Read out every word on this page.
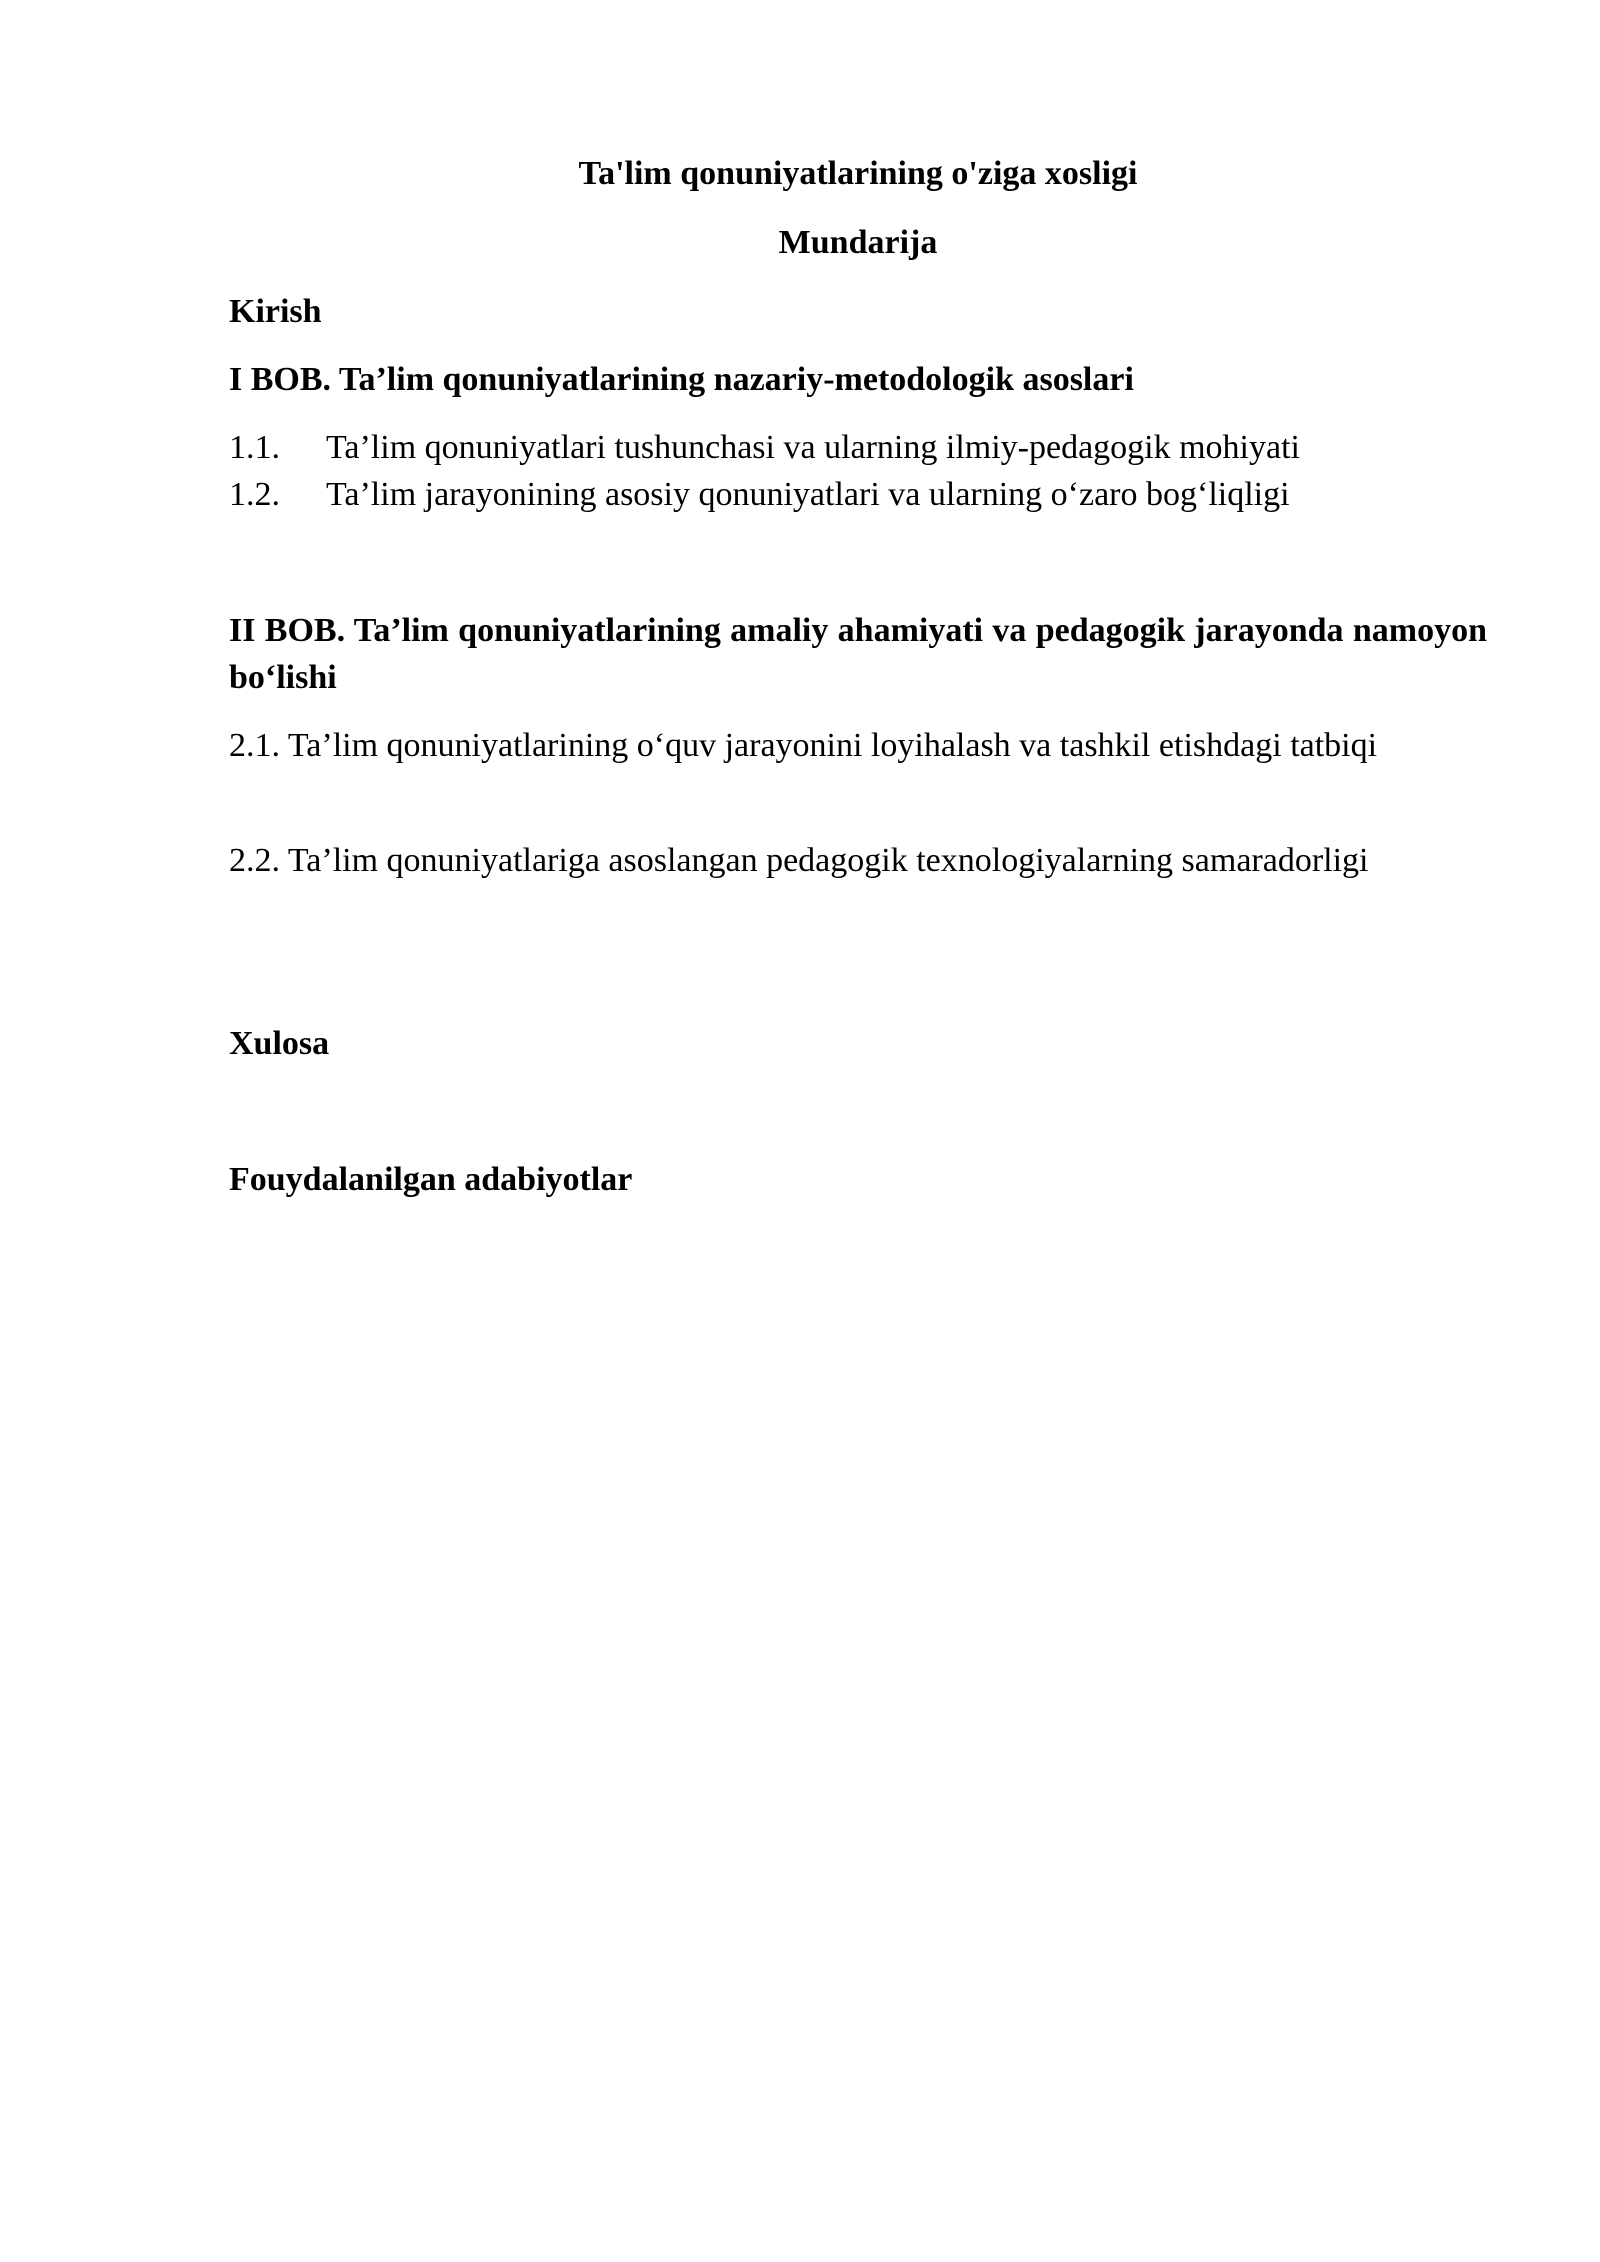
Ta'lim qonuniyatlarining o'ziga xosligi
Mundarija
Kirish
I BOB. Ta’lim qonuniyatlarining nazariy-metodologik asoslari
1.1. Ta’lim qonuniyatlari tushunchasi va ularning ilmiy-pedagogik mohiyati
1.2. Ta’lim jarayonining asosiy qonuniyatlari va ularning o‘zaro bog‘liqligi
II BOB. Ta’lim qonuniyatlarining amaliy ahamiyati va pedagogik jarayonda namoyon bo‘lishi
2.1. Ta’lim qonuniyatlarining o‘quv jarayonini loyihalash va tashkil etishdagi tatbiqi
2.2. Ta’lim qonuniyatlariga asoslangan pedagogik texnologiyalarning samaradorligi
Xulosa
Fouydalanilgan adabiyotlar
